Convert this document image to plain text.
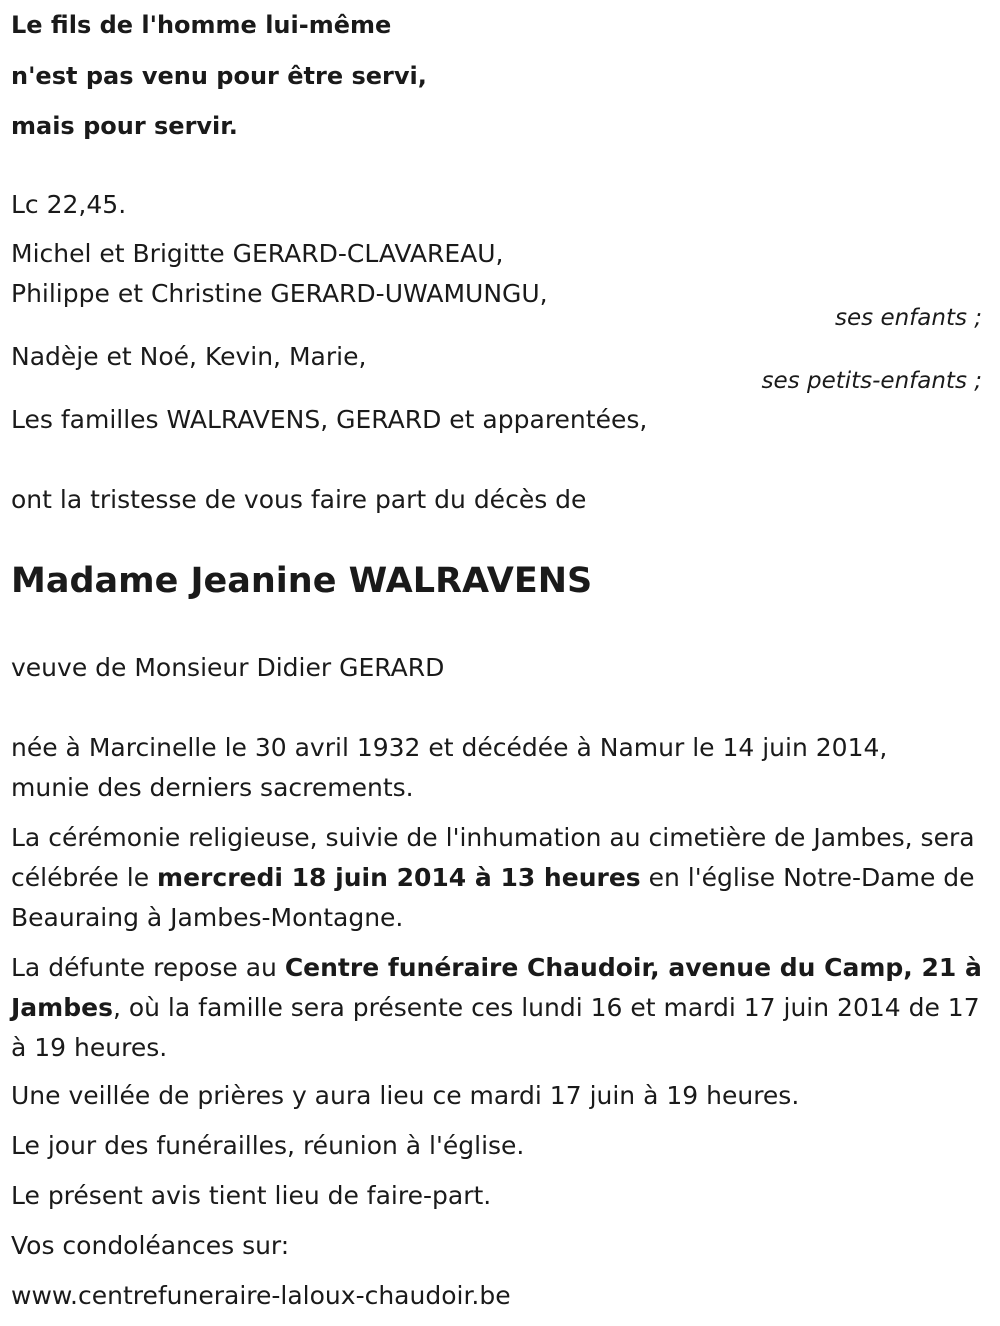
Le fils de l'homme lui-même
n'est pas venu pour être servi,
mais pour servir.
Lc 22,45.
Michel et Brigitte GERARD-CLAVAREAU,
Philippe et Christine GERARD-UWAMUNGU,
ses enfants ;
Nadèje et Noé, Kevin, Marie,
ses petits-enfants ;
Les familles WALRAVENS, GERARD et apparentées,
ont la tristesse de vous faire part du décès de
Madame Jeanine WALRAVENS
veuve de Monsieur Didier GERARD
née à Marcinelle le 30 avril 1932 et décédée à Namur le 14 juin 2014,
munie des derniers sacrements.
La cérémonie religieuse, suivie de l'inhumation au cimetière de Jambes, sera célébrée le mercredi 18 juin 2014 à 13 heures en l'église Notre-Dame de Beauraing à Jambes-Montagne.
La défunte repose au Centre funéraire Chaudoir, avenue du Camp, 21 à Jambes, où la famille sera présente ces lundi 16 et mardi 17 juin 2014 de 17 à 19 heures.
Une veillée de prières y aura lieu ce mardi 17 juin à 19 heures.
Le jour des funérailles, réunion à l'église.
Le présent avis tient lieu de faire-part.
Vos condoléances sur:
www.centrefuneraire-laloux-chaudoir.be
